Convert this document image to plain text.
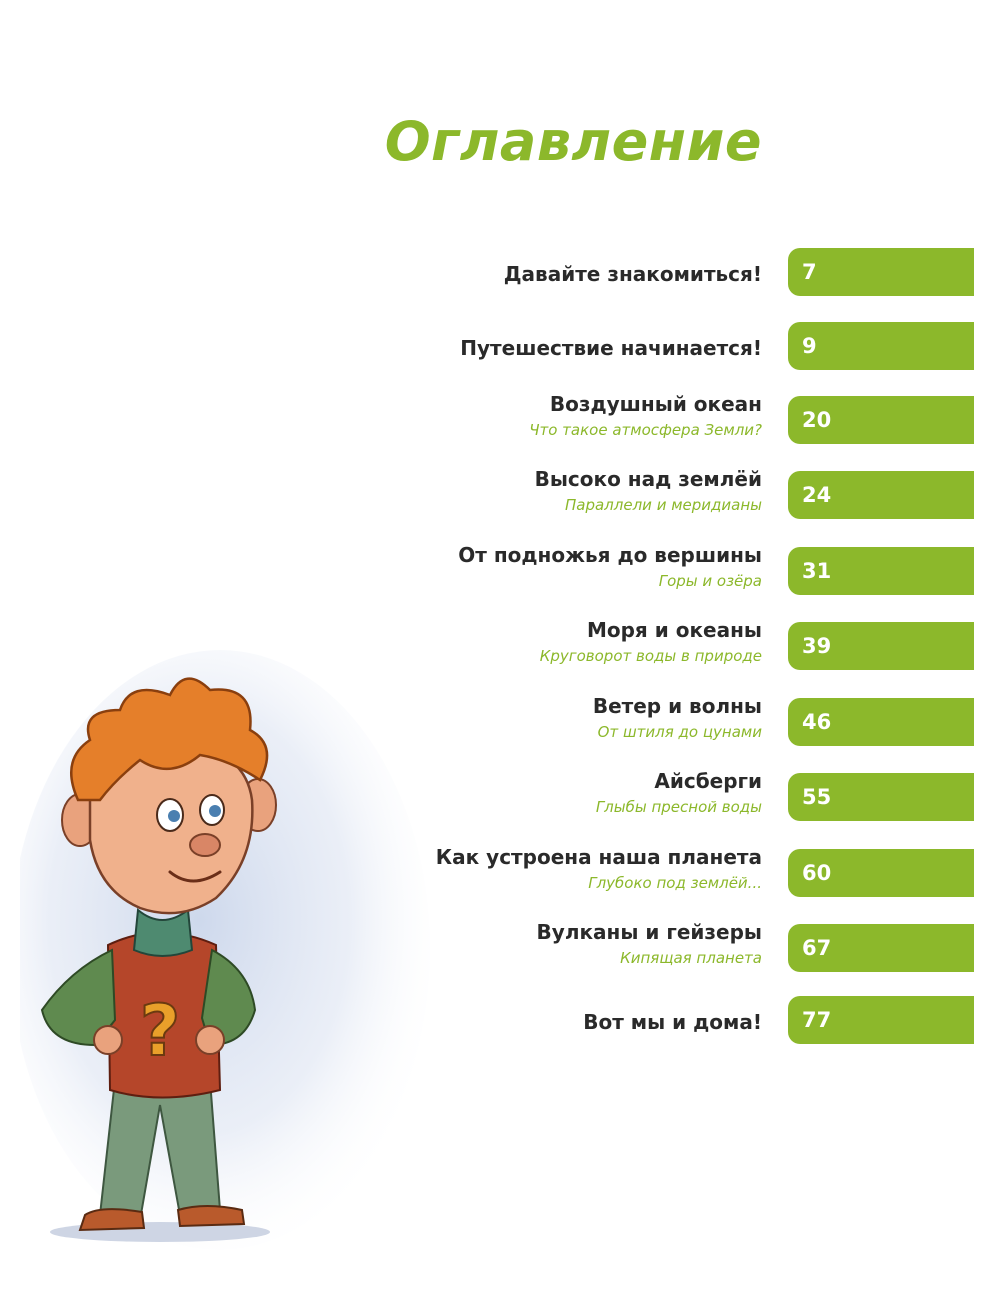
Оглавление
Давайте знакомиться!	7
Путешествие начинается!	9
Воздушный океан
Что такое атмосфера Земли?	20
Высоко над землёй
Параллели и меридианы	24
От подножья до вершины
Горы и озёра	31
Моря и океаны
Круговорот воды в природе	39
Ветер и волны
От штиля до цунами	46
Айсберги
Глыбы пресной воды	55
Как устроена наша планета
Глубоко под землёй...	60
Вулканы и гейзеры
Кипящая планета	67
Вот мы и дома!	77
?
